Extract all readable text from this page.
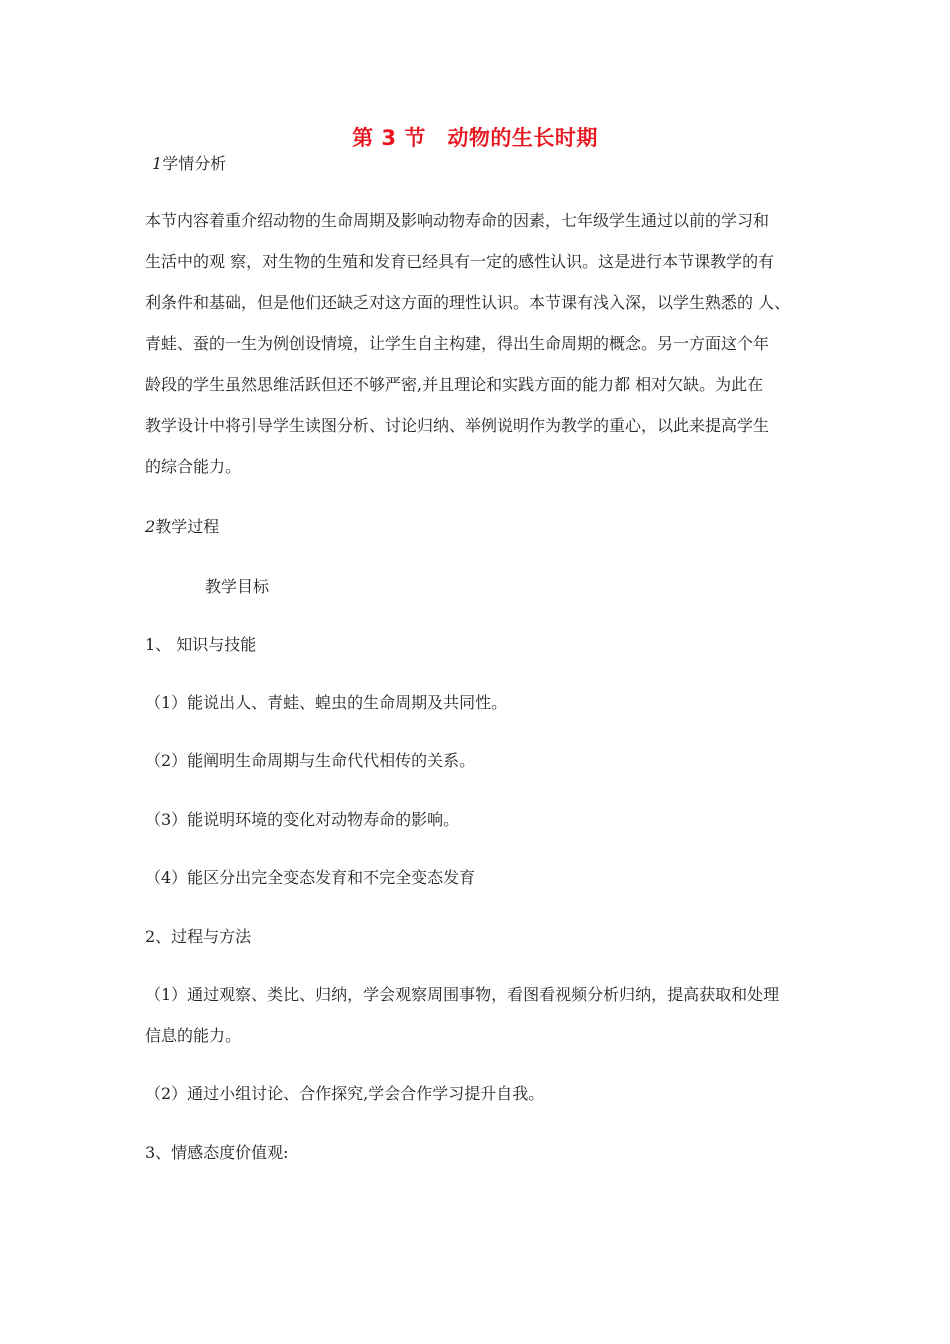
第 3 节　动物的生长时期
1学情分析
本节内容着重介绍动物的生命周期及影响动物寿命的因素，七年级学生通过以前的学习和
生活中的观 察，对生物的生殖和发育已经具有一定的感性认识。这是进行本节课教学的有
利条件和基础，但是他们还缺乏对这方面的理性认识。本节课有浅入深，以学生熟悉的 人、
青蛙、蚕的一生为例创设情境，让学生自主构建，得出生命周期的概念。另一方面这个年
龄段的学生虽然思维活跃但还不够严密,并且理论和实践方面的能力都 相对欠缺。为此在
教学设计中将引导学生读图分析、讨论归纳、举例说明作为教学的重心，以此来提高学生
的综合能力。
2教学过程
教学目标
1、 知识与技能
（1）能说出人、青蛙、蝗虫的生命周期及共同性。
（2）能阐明生命周期与生命代代相传的关系。
（3）能说明环境的变化对动物寿命的影响。
（4）能区分出完全变态发育和不完全变态发育
2、过程与方法
（1）通过观察、类比、归纳，学会观察周围事物，看图看视频分析归纳，提高获取和处理
信息的能力。
（2）通过小组讨论、合作探究,学会合作学习提升自我。
3、情感态度价值观:
